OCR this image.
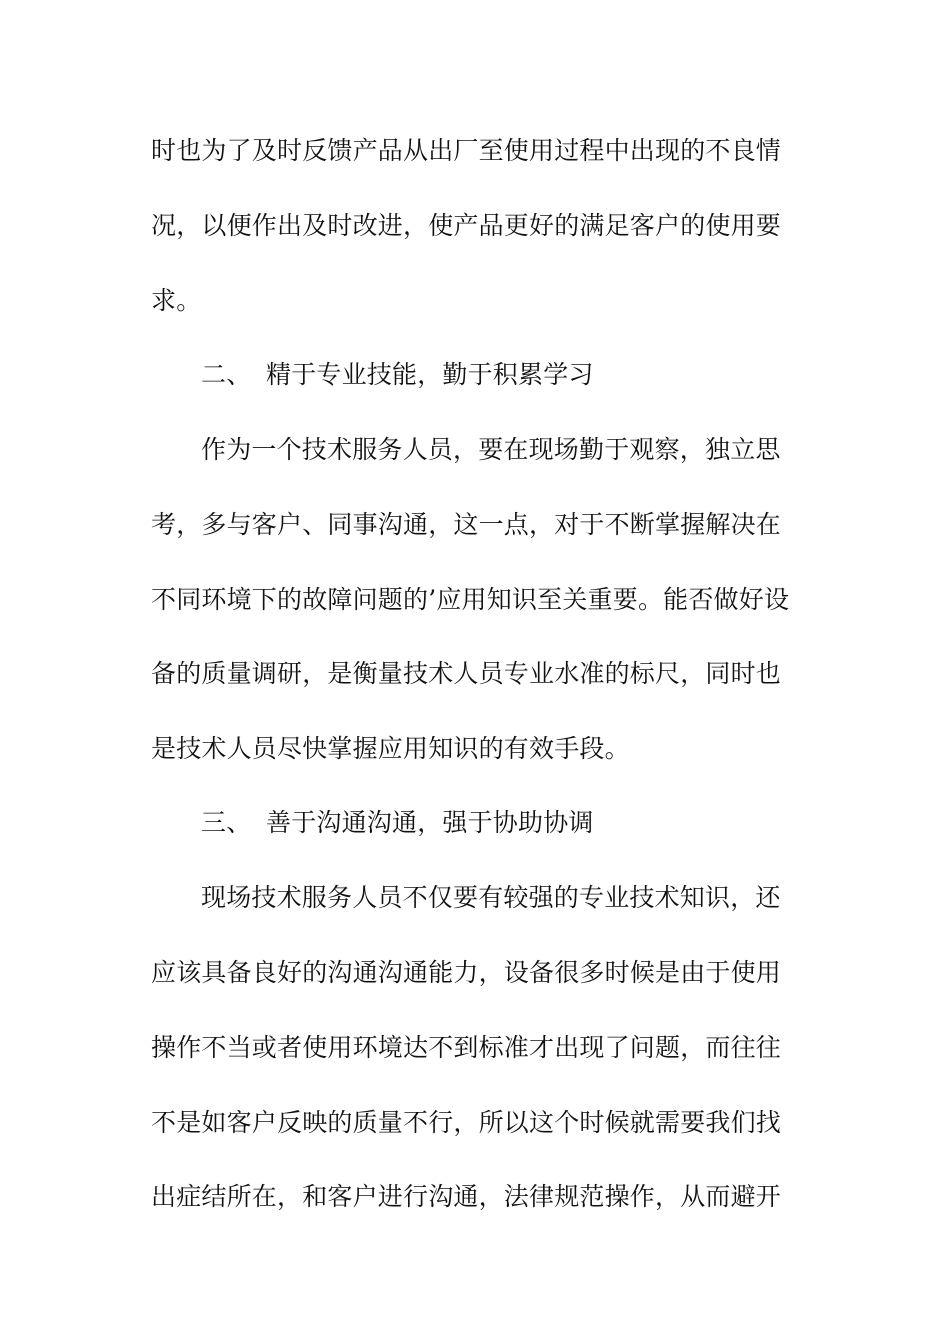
时也为了及时反馈产品从出厂至使用过程中出现的不良情
况，以便作出及时改进，使产品更好的满足客户的使用要
求。
二、 精于专业技能，勤于积累学习
作为一个技术服务人员，要在现场勤于观察，独立思
考，多与客户、同事沟通，这一点，对于不断掌握解决在
不同环境下的故障问题的’应用知识至关重要。能否做好设
备的质量调研，是衡量技术人员专业水准的标尺，同时也
是技术人员尽快掌握应用知识的有效手段。
三、 善于沟通沟通，强于协助协调
现场技术服务人员不仅要有较强的专业技术知识，还
应该具备良好的沟通沟通能力，设备很多时候是由于使用
操作不当或者使用环境达不到标准才出现了问题，而往往
不是如客户反映的质量不行，所以这个时候就需要我们找
出症结所在，和客户进行沟通，法律规范操作，从而避开
